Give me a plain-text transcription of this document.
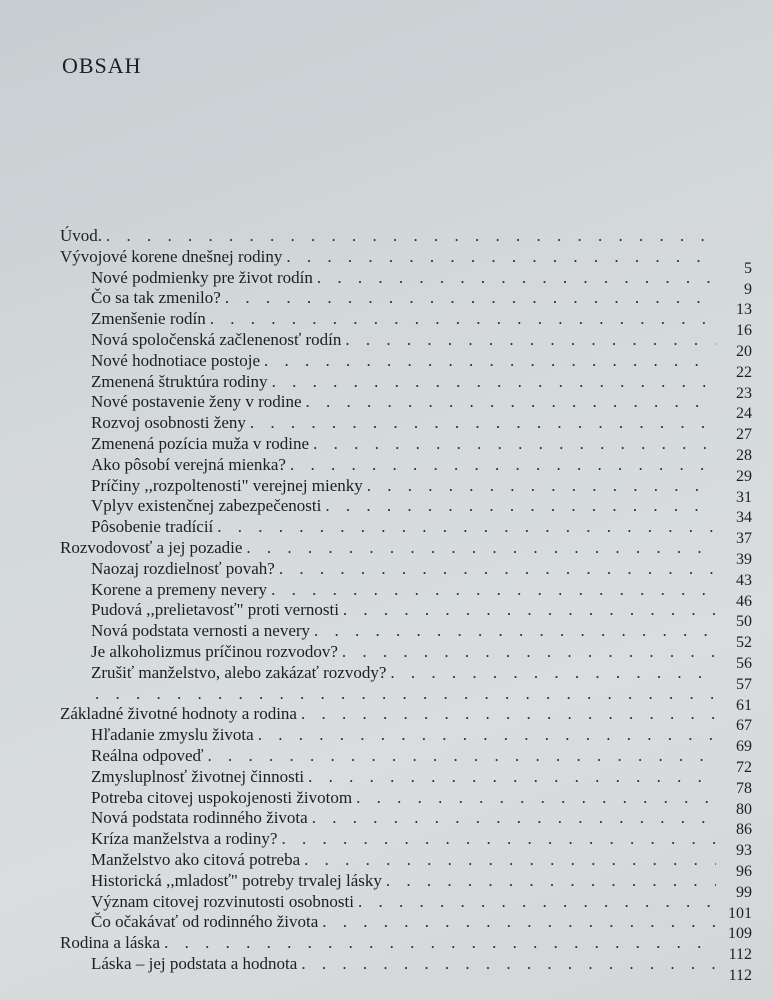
OBSAH
Úvod.
. . .
Vývojové korene dnešnej rodiny
. . .
5
Nové podmienky pre život rodín
. . .
9
Čo sa tak zmenilo?
. . .
13
Zmenšenie rodín
. . .
16
Nová spoločenská začlenenosť rodín
. . .
20
Nové hodnotiace postoje
. . .
22
Zmenená štruktúra rodiny
. . .
23
Nové postavenie ženy v rodine
. . .
24
Rozvoj osobnosti ženy
. . .
27
Zmenená pozícia muža v rodine
. . .
28
Ako pôsobí verejná mienka?
. . .
29
Príčiny ,,rozpoltenosti" verejnej mienky
. . .
31
Vplyv existenčnej zabezpečenosti
. . .
34
Pôsobenie tradícií
. . .
37
Rozvodovosť a jej pozadie
. . .
39
Naozaj rozdielnosť povah?
. . .
43
Korene a premeny nevery
. . .
46
Pudová ,,prelietavosť" proti vernosti
. . .
50
Nová podstata vernosti a nevery
. . .
52
Je alkoholizmus príčinou rozvodov?
. . .
56
Zrušiť manželstvo, alebo zakázať rozvody?
. . .
57
. . .
61
Základné životné hodnoty a rodina
. . .
67
Hľadanie zmyslu života
. . .
69
Reálna odpoveď
. . .
72
Zmysluplnosť životnej činnosti
. . .
78
Potreba citovej uspokojenosti životom
. . .
80
Nová podstata rodinného života
. . .
86
Kríza manželstva a rodiny?
. . .
93
Manželstvo ako citová potreba
. . .
96
Historická ,,mladosť" potreby trvalej lásky
. . .
99
Význam citovej rozvinutosti osobnosti
. . .
101
Čo očakávať od rodinného života
. . .
109
Rodina a láska
. . .
112
Láska – jej podstata a hodnota
. . .
112
